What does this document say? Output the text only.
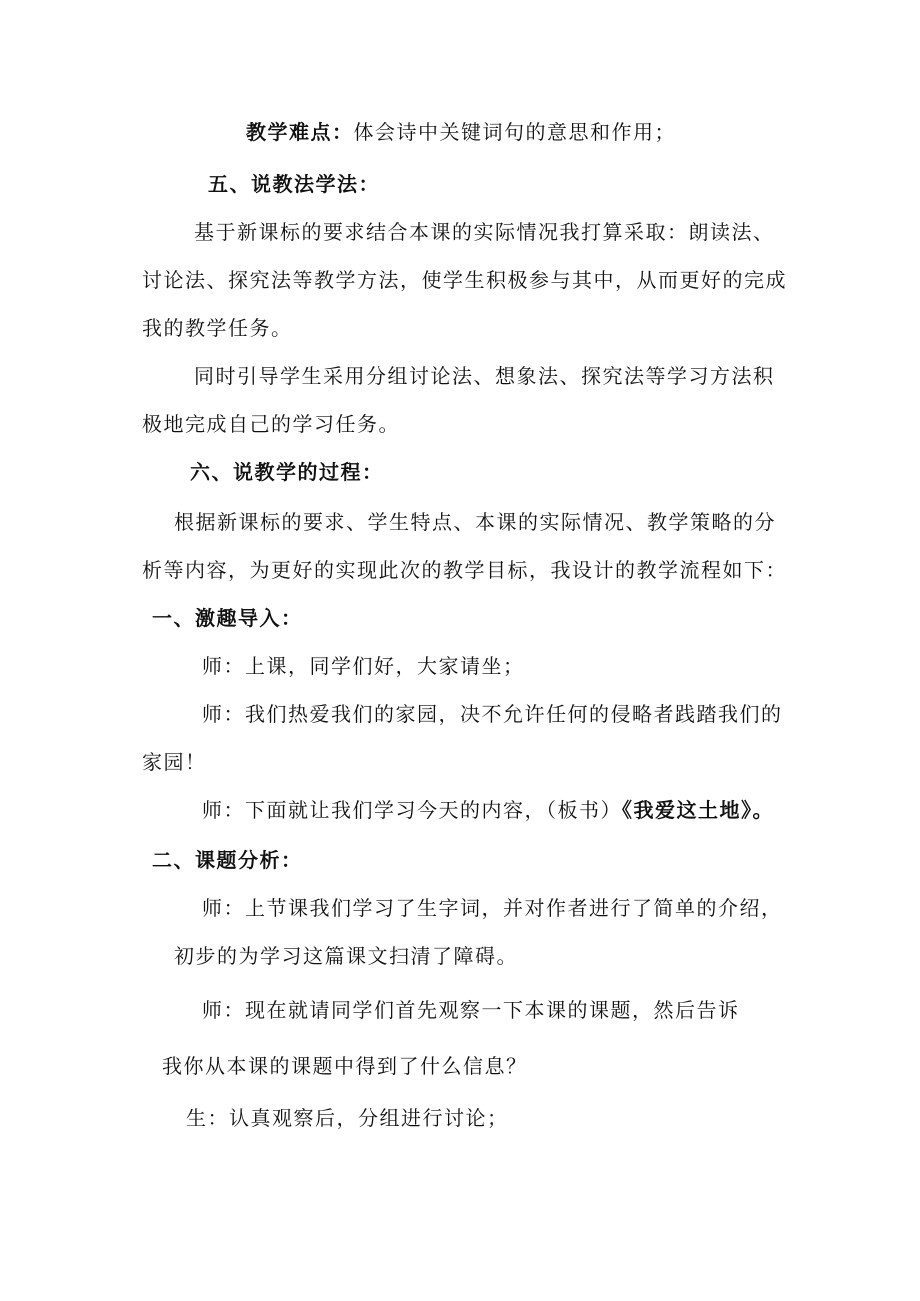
教学难点：体会诗中关键词句的意思和作用；
五、说教法学法：
基于新课标的要求结合本课的实际情况我打算采取：朗读法、
讨论法、探究法等教学方法，使学生积极参与其中，从而更好的完成
我的教学任务。
同时引导学生采用分组讨论法、想象法、探究法等学习方法积
极地完成自己的学习任务。
六、说教学的过程：
根据新课标的要求、学生特点、本课的实际情况、教学策略的分
析等内容，为更好的实现此次的教学目标，我设计的教学流程如下：
一、激趣导入：
师：上课，同学们好，大家请坐；
师：我们热爱我们的家园，决不允许任何的侵略者践踏我们的
家园！
师：下面就让我们学习今天的内容，（板书）《我爱这土地》。
二、课题分析：
师：上节课我们学习了生字词，并对作者进行了简单的介绍，
初步的为学习这篇课文扫清了障碍。
师：现在就请同学们首先观察一下本课的课题，然后告诉
我你从本课的课题中得到了什么信息？
生：认真观察后，分组进行讨论；
